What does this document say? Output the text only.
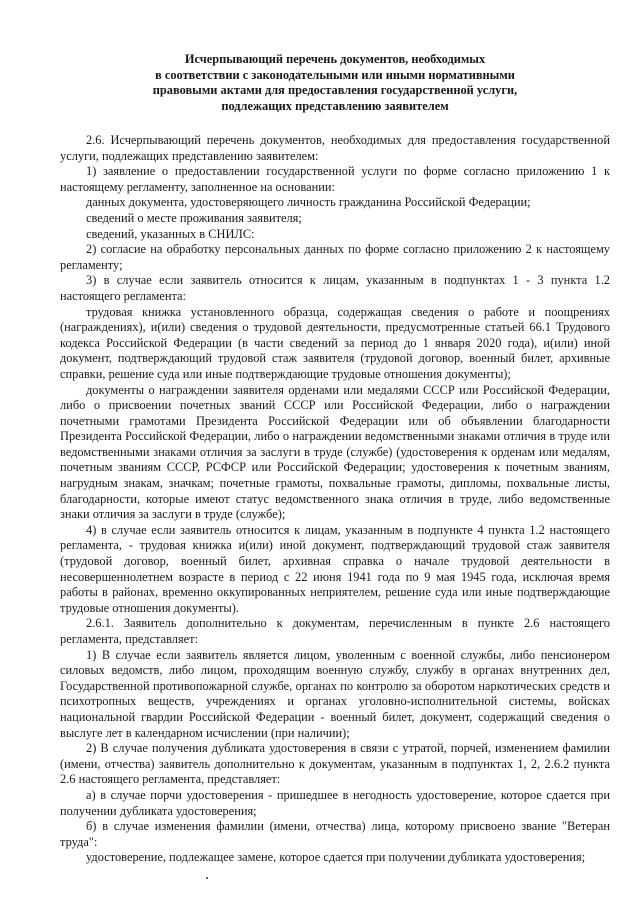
Исчерпывающий перечень документов, необходимых
в соответствии с законодательными или иными нормативными
правовыми актами для предоставления государственной услуги,
подлежащих представлению заявителем

2.6. Исчерпывающий перечень документов, необходимых для предоставления государственной услуги, подлежащих представлению заявителем:

1) заявление о предоставлении государственной услуги по форме согласно приложению 1 к настоящему регламенту, заполненное на основании:

данных документа, удостоверяющего личность гражданина Российской Федерации;

сведений о месте проживания заявителя;

сведений, указанных в СНИЛС:

2) согласие на обработку персональных данных по форме согласно приложению 2 к настоящему регламенту;

3) в случае если заявитель относится к лицам, указанным в подпунктах 1 - 3 пункта 1.2 настоящего регламента:

трудовая книжка установленного образца, содержащая сведения о работе и поощрениях (награждениях), и(или) сведения о трудовой деятельности, предусмотренные статьей 66.1 Трудового кодекса Российской Федерации (в части сведений за период до 1 января 2020 года), и(или) иной документ, подтверждающий трудовой стаж заявителя (трудовой договор, военный билет, архивные справки, решение суда или иные подтверждающие трудовые отношения документы);

документы о награждении заявителя орденами или медалями СССР или Российской Федерации, либо о присвоении почетных званий СССР или Российской Федерации, либо о награждении почетными грамотами Президента Российской Федерации или об объявлении благодарности Президента Российской Федерации, либо о награждении ведомственными знаками отличия в труде или ведомственными знаками отличия за заслуги в труде (службе) (удостоверения к орденам или медалям, почетным званиям СССР, РСФСР или Российской Федерации; удостоверения к почетным званиям, нагрудным знакам, значкам; почетные грамоты, похвальные грамоты, дипломы, похвальные листы, благодарности, которые имеют статус ведомственного знака отличия в труде, либо ведомственные знаки отличия за заслуги в труде (службе);

4) в случае если заявитель относится к лицам, указанным в подпункте 4 пункта 1.2 настоящего регламента, - трудовая книжка и(или) иной документ, подтверждающий трудовой стаж заявителя (трудовой договор, военный билет, архивная справка о начале трудовой деятельности в несовершеннолетнем возрасте в период с 22 июня 1941 года по 9 мая 1945 года, исключая время работы в районах, временно оккупированных неприятелем, решение суда или иные подтверждающие трудовые отношения документы).

2.6.1. Заявитель дополнительно к документам, перечисленным в пункте 2.6 настоящего регламента, представляет:

1) В случае если заявитель является лицом, уволенным с военной службы, либо пенсионером силовых ведомств, либо лицом, проходящим военную службу, службу в органах внутренних дел, Государственной противопожарной службе, органах по контролю за оборотом наркотических средств и психотропных веществ, учреждениях и органах уголовно-исполнительной системы, войсках национальной гвардии Российской Федерации - военный билет, документ, содержащий сведения о выслуге лет в календарном исчислении (при наличии);

2) В случае получения дубликата удостоверения в связи с утратой, порчей, изменением фамилии (имени, отчества) заявитель дополнительно к документам, указанным в подпунктах 1, 2, 2.6.2 пункта 2.6 настоящего регламента, представляет:

а) в случае порчи удостоверения - пришедшее в негодность удостоверение, которое сдается при получении дубликата удостоверения;

б) в случае изменения фамилии (имени, отчества) лица, которому присвоено звание "Ветеран труда":

удостоверение, подлежащее замене, которое сдается при получении дубликата удостоверения;
